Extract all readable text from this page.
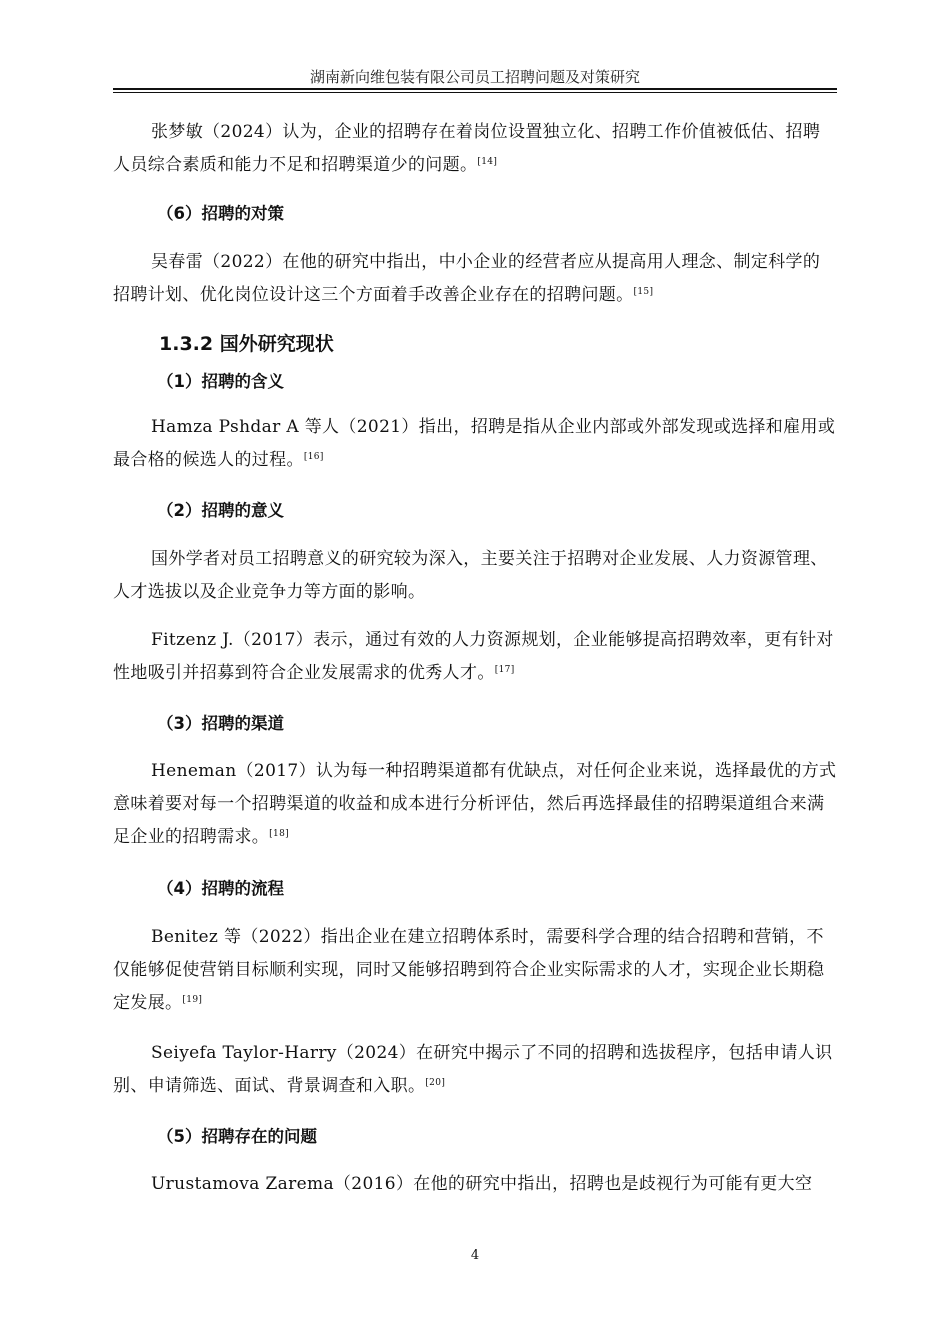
湖南新向维包装有限公司员工招聘问题及对策研究
张梦敏（2024）认为，企业的招聘存在着岗位设置独立化、招聘工作价值被低估、招聘人员综合素质和能力不足和招聘渠道少的问题。[14]
（6）招聘的对策
吴春雷（2022）在他的研究中指出，中小企业的经营者应从提高用人理念、制定科学的招聘计划、优化岗位设计这三个方面着手改善企业存在的招聘问题。[15]
1.3.2 国外研究现状
（1）招聘的含义
Hamza Pshdar A 等人（2021）指出，招聘是指从企业内部或外部发现或选择和雇用或最合格的候选人的过程。[16]
（2）招聘的意义
国外学者对员工招聘意义的研究较为深入，主要关注于招聘对企业发展、人力资源管理、人才选拔以及企业竞争力等方面的影响。
Fitzenz J.（2017）表示，通过有效的人力资源规划，企业能够提高招聘效率，更有针对性地吸引并招募到符合企业发展需求的优秀人才。[17]
（3）招聘的渠道
Heneman（2017）认为每一种招聘渠道都有优缺点，对任何企业来说，选择最优的方式意味着要对每一个招聘渠道的收益和成本进行分析评估，然后再选择最佳的招聘渠道组合来满足企业的招聘需求。[18]
（4）招聘的流程
Benitez 等（2022）指出企业在建立招聘体系时，需要科学合理的结合招聘和营销，不仅能够促使营销目标顺利实现，同时又能够招聘到符合企业实际需求的人才，实现企业长期稳定发展。[19]
Seiyefa Taylor-Harry（2024）在研究中揭示了不同的招聘和选拔程序，包括申请人识别、申请筛选、面试、背景调查和入职。[20]
（5）招聘存在的问题
Urustamova Zarema（2016）在他的研究中指出，招聘也是歧视行为可能有更大空
4
